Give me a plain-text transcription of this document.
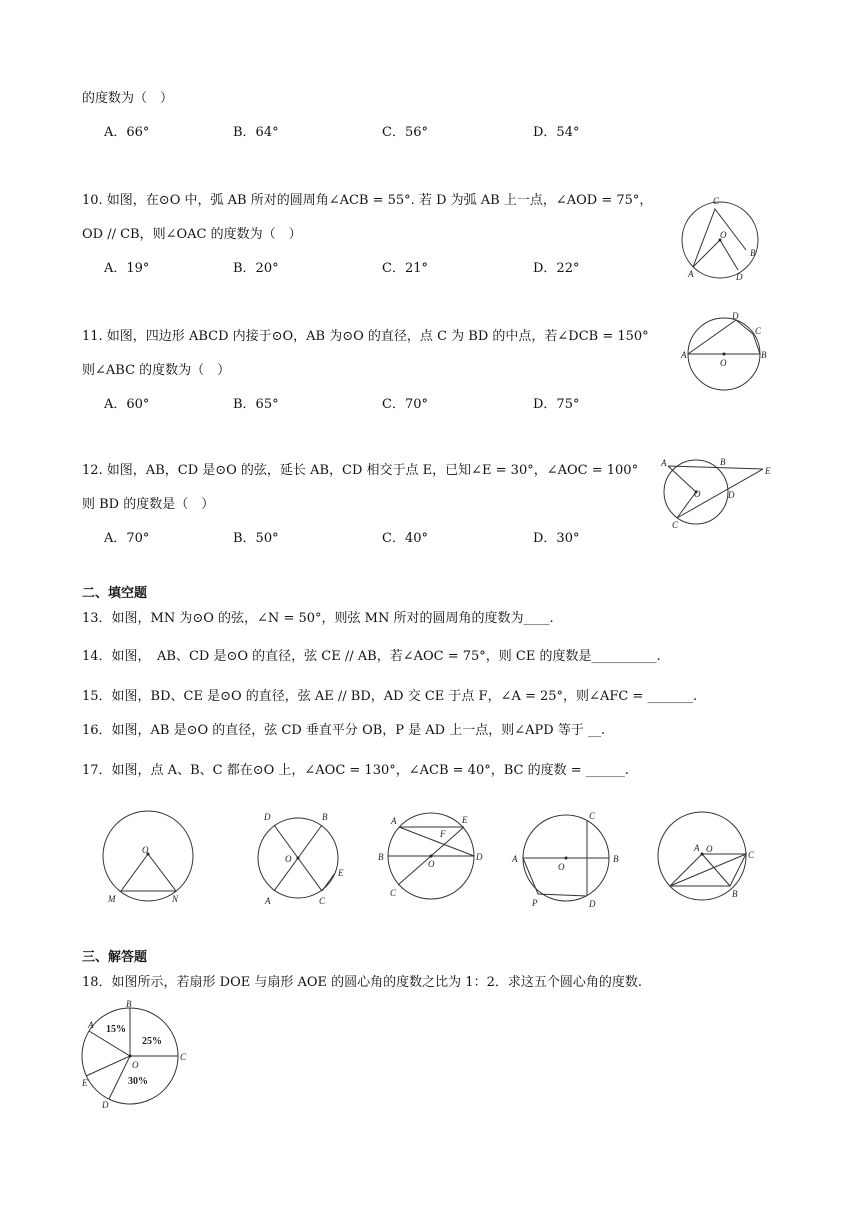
的度数为（　）
A．66°	B．64°	C．56°	D．54°
10. 如图，在⊙O 中，弧 AB 所对的圆周角∠ACB = 55°. 若 D 为弧 AB 上一点，∠AOD = 75°，
OD // CB，则∠OAC 的度数为（　）
A．19°	B．20°	C．21°	D．22°
C
O
B
A	D
11. 如图，四边形 ABCD 内接于⊙O，AB 为⊙O 的直径，点 C 为 BD 的中点，若∠DCB = 150°
则∠ABC 的度数为（　）
A．60°	B．65°	C．70°	D．75°
D
C
A	B
O
12. 如图，AB，CD 是⊙O 的弦，延长 AB，CD 相交于点 E，已知∠E = 30°，∠AOC = 100°
则 BD 的度数是（　）
A．70°	B．50°	C．40°	D．30°
A	B
E
O	D
C
二、填空题
13．如图，MN 为⊙O 的弦，∠N = 50°，则弦 MN 所对的圆周角的度数为____.
14．如图，　AB、CD 是⊙O 的直径，弦 CE // AB，若∠AOC = 75°，则 CE 的度数是__________.
15．如图，BD、CE 是⊙O 的直径，弦 AE // BD，AD 交 CE 于点 F，∠A = 25°，则∠AFC = _______.
16．如图，AB 是⊙O 的直径，弦 CD 垂直平分 OB，P 是 AD 上一点，则∠APD 等于 __.
17．如图，点 A、B、C 都在⊙O 上，∠AOC = 130°，∠ACB = 40°，BC 的度数 = ______.
O
M	N
D	B
O
A	C
E
A	E
F
B
O
D
C
C
A
O
B
P	D
A O
C
B
三、解答题
18．如图所示，若扇形 DOE 与扇形 AOE 的圆心角的度数之比为 1：2．求这五个圆心角的度数.
B
A
C
O
E
D
15%
25%
30%
